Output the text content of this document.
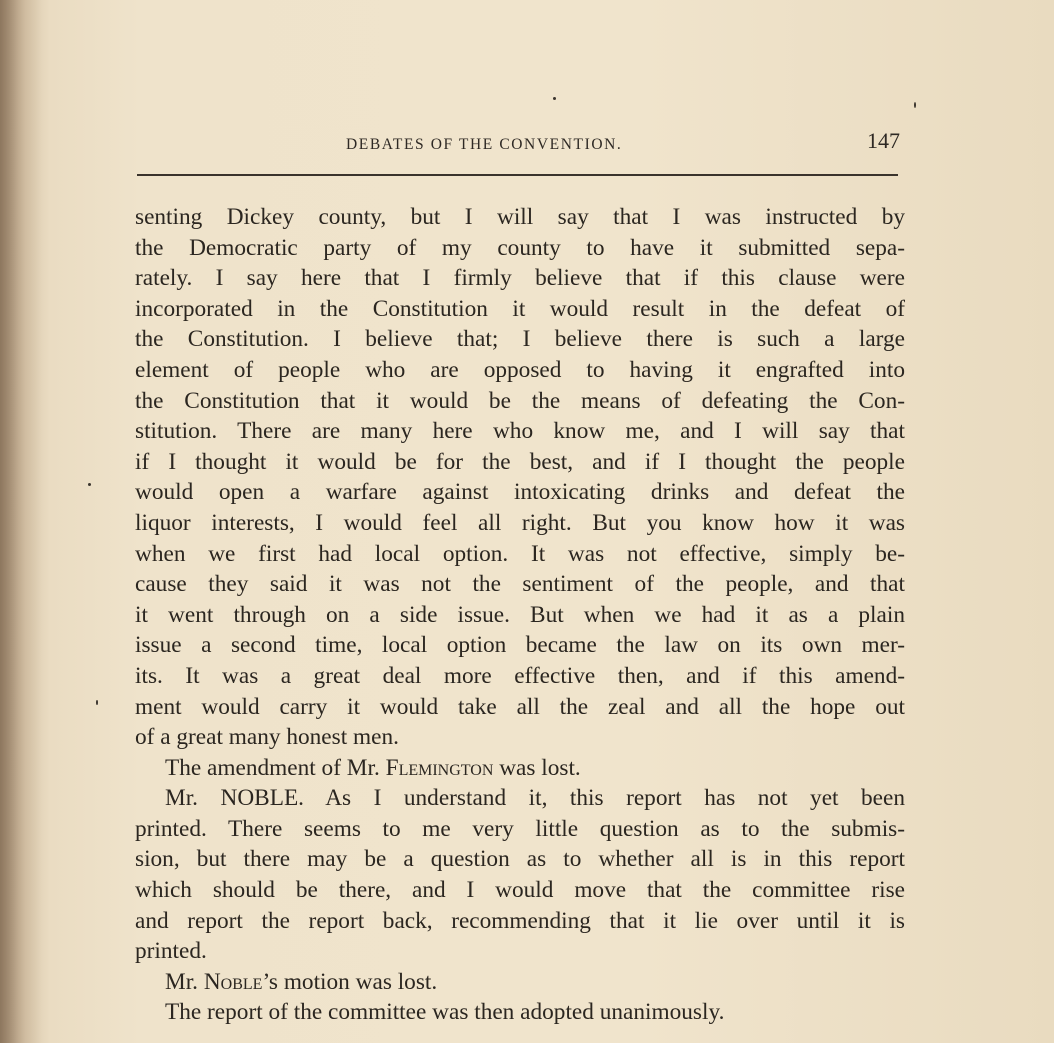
DEBATES OF THE CONVENTION.	147
senting Dickey county, but I will say that I was instructed by
the Democratic party of my county to have it submitted sepa-
rately. I say here that I firmly believe that if this clause were
incorporated in the Constitution it would result in the defeat of
the Constitution. I believe that; I believe there is such a large
element of people who are opposed to having it engrafted into
the Constitution that it would be the means of defeating the Con-
stitution. There are many here who know me, and I will say that
if I thought it would be for the best, and if I thought the people
would open a warfare against intoxicating drinks and defeat the
liquor interests, I would feel all right. But you know how it was
when we first had local option. It was not effective, simply be-
cause they said it was not the sentiment of the people, and that
it went through on a side issue. But when we had it as a plain
issue a second time, local option became the law on its own mer-
its. It was a great deal more effective then, and if this amend-
ment would carry it would take all the zeal and all the hope out
of a great many honest men.
The amendment of Mr. Flemington was lost.
Mr. NOBLE. As I understand it, this report has not yet been
printed. There seems to me very little question as to the submis-
sion, but there may be a question as to whether all is in this report
which should be there, and I would move that the committee rise
and report the report back, recommending that it lie over until it is
printed.
Mr. Noble’s motion was lost.
The report of the committee was then adopted unanimously.
